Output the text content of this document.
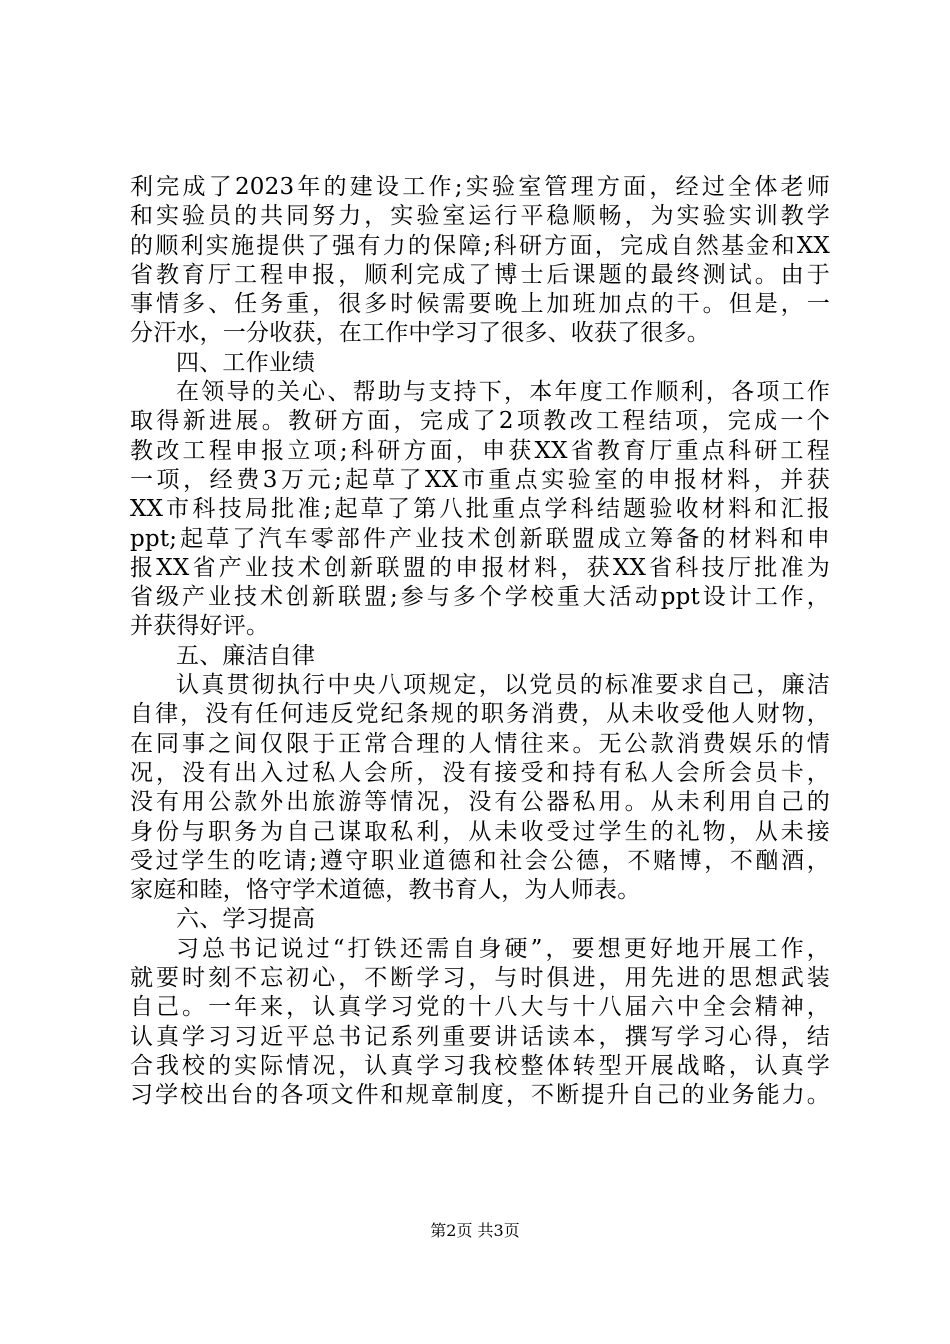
利完成了2023年的建设工作;实验室管理方面，经过全体老师
和实验员的共同努力，实验室运行平稳顺畅，为实验实训教学
的顺利实施提供了强有力的保障;科研方面，完成自然基金和XX
省教育厅工程申报，顺利完成了博士后课题的最终测试。由于
事情多、任务重，很多时候需要晚上加班加点的干。但是，一
分汗水，一分收获，在工作中学习了很多、收获了很多。
四、工作业绩
在领导的关心、帮助与支持下，本年度工作顺利，各项工作
取得新进展。教研方面，完成了2项教改工程结项，完成一个
教改工程申报立项;科研方面，申获XX省教育厅重点科研工程
一项，经费3万元;起草了XX市重点实验室的申报材料，并获
XX市科技局批准;起草了第八批重点学科结题验收材料和汇报
ppt;起草了汽车零部件产业技术创新联盟成立筹备的材料和申
报XX省产业技术创新联盟的申报材料，获XX省科技厅批准为
省级产业技术创新联盟;参与多个学校重大活动ppt设计工作，
并获得好评。
五、廉洁自律
认真贯彻执行中央八项规定，以党员的标准要求自己，廉洁
自律，没有任何违反党纪条规的职务消费，从未收受他人财物，
在同事之间仅限于正常合理的人情往来。无公款消费娱乐的情
况，没有出入过私人会所，没有接受和持有私人会所会员卡，
没有用公款外出旅游等情况，没有公器私用。从未利用自己的
身份与职务为自己谋取私利，从未收受过学生的礼物，从未接
受过学生的吃请;遵守职业道德和社会公德，不赌博，不酗酒，
家庭和睦，恪守学术道德，教书育人，为人师表。
六、学习提高
习总书记说过“打铁还需自身硬”，要想更好地开展工作，
就要时刻不忘初心，不断学习，与时俱进，用先进的思想武装
自己。一年来，认真学习党的十八大与十八届六中全会精神，
认真学习习近平总书记系列重要讲话读本，撰写学习心得，结
合我校的实际情况，认真学习我校整体转型开展战略，认真学
习学校出台的各项文件和规章制度，不断提升自己的业务能力。
第2页 共3页
